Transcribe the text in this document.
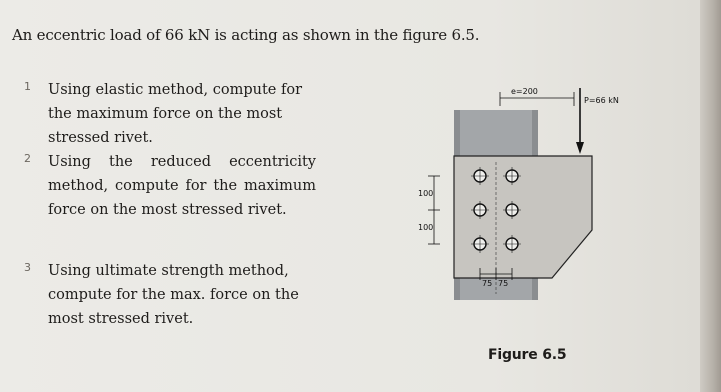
An eccentric load of 66 kN is acting as shown in the figure 6.5.
1	Using elastic method, compute for the maximum force on the most stressed rivet.

2	Using the reduced eccentricity method, compute for the maximum force on the most stressed rivet.

3	Using ultimate strength method, compute for the max. force on the most stressed rivet.

e=200
P=66 kN
100
100
75 75
Figure 6.5
